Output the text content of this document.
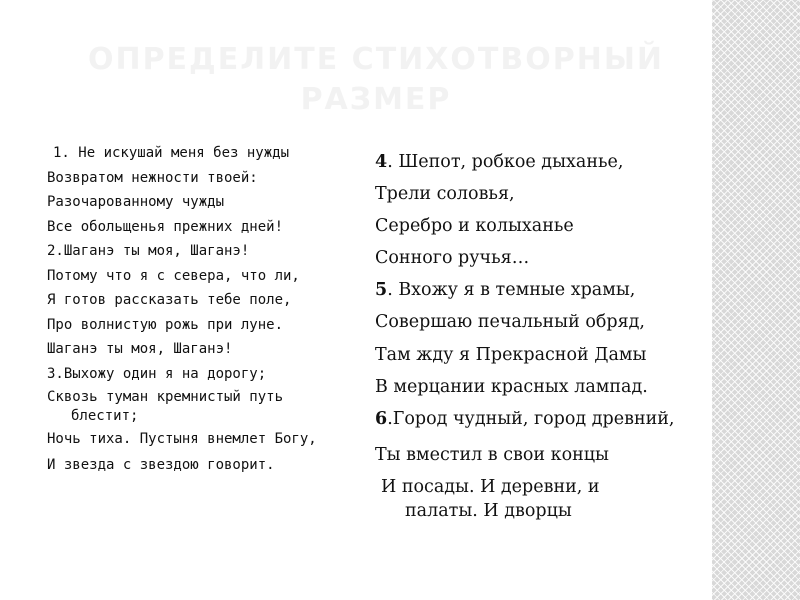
ОПРЕДЕЛИТЕ СТИХОТВОРНЫЙ РАЗМЕР
1. Не искушай меня без нужды
Возвратом нежности твоей:
Разочарованному чужды
Все обольщенья прежних дней!
2.Шаганэ ты моя, Шаганэ!
Потому что я с севера, что ли,
Я готов рассказать тебе поле,
Про волнистую рожь при луне.
Шаганэ ты моя, Шаганэ!
3.Выхожу один я на дорогу;
Сквозь туман кремнистый путь блестит;
Ночь тиха. Пустыня внемлет Богу,
И звезда с звездою говорит.
4. Шепот, робкое дыханье,
Трели соловья,
Серебро и колыханье
Сонного ручья…
5. Вхожу я в темные храмы,
Совершаю печальный обряд,
Там жду я Прекрасной Дамы
В мерцании красных лампад.
6.Город чудный, город древний,
Ты вместил в свои концы
И посады. И деревни, и палаты. И дворцы
